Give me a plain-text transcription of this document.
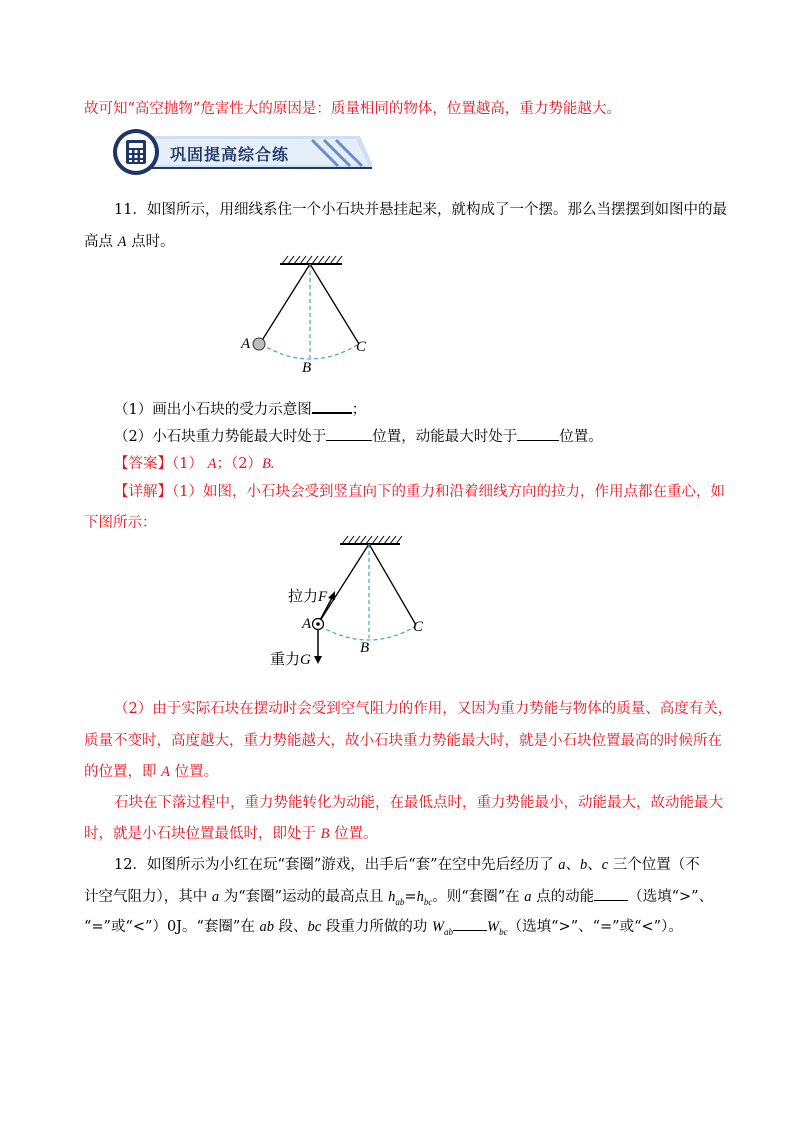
故可知“高空抛物”危害性大的原因是：质量相同的物体，位置越高，重力势能越大。
巩固提高综合练
11．如图所示，用细线系住一个小石块并悬挂起来，就构成了一个摆。那么当摆摆到如图中的最
高点 A 点时。
A
B
C
（1）画出小石块的受力示意图	；
（2）小石块重力势能最大时处于	位置，动能最大时处于	位置。
【答案】（1） A；（2）B.
【详解】（1）如图，小石块会受到竖直向下的重力和沿着细线方向的拉力，作用点都在重心，如
下图所示：
拉力F
A
B
C
重力G
（2）由于实际石块在摆动时会受到空气阻力的作用，又因为重力势能与物体的质量、高度有关，
质量不变时，高度越大，重力势能越大，故小石块重力势能最大时，就是小石块位置最高的时候所在
的位置，即 A 位置。
石块在下落过程中，重力势能转化为动能，在最低点时，重力势能最小，动能最大，故动能最大
时，就是小石块位置最低时，即处于 B 位置。
12．如图所示为小红在玩“套圈”游戏，出手后“套”在空中先后经历了 a、b、c 三个位置（不
计空气阻力），其中 a 为“套圈”运动的最高点且 $h_{ab}=h_{bc}$。则“套圈”在 a 点的动能 （选填“>”、
“=”或“<”）0J。“套圈”在 ab 段、bc 段重力所做的功 $W_{ab}$ $W_{bc}$（选填“>”、“=”或“<”）。
